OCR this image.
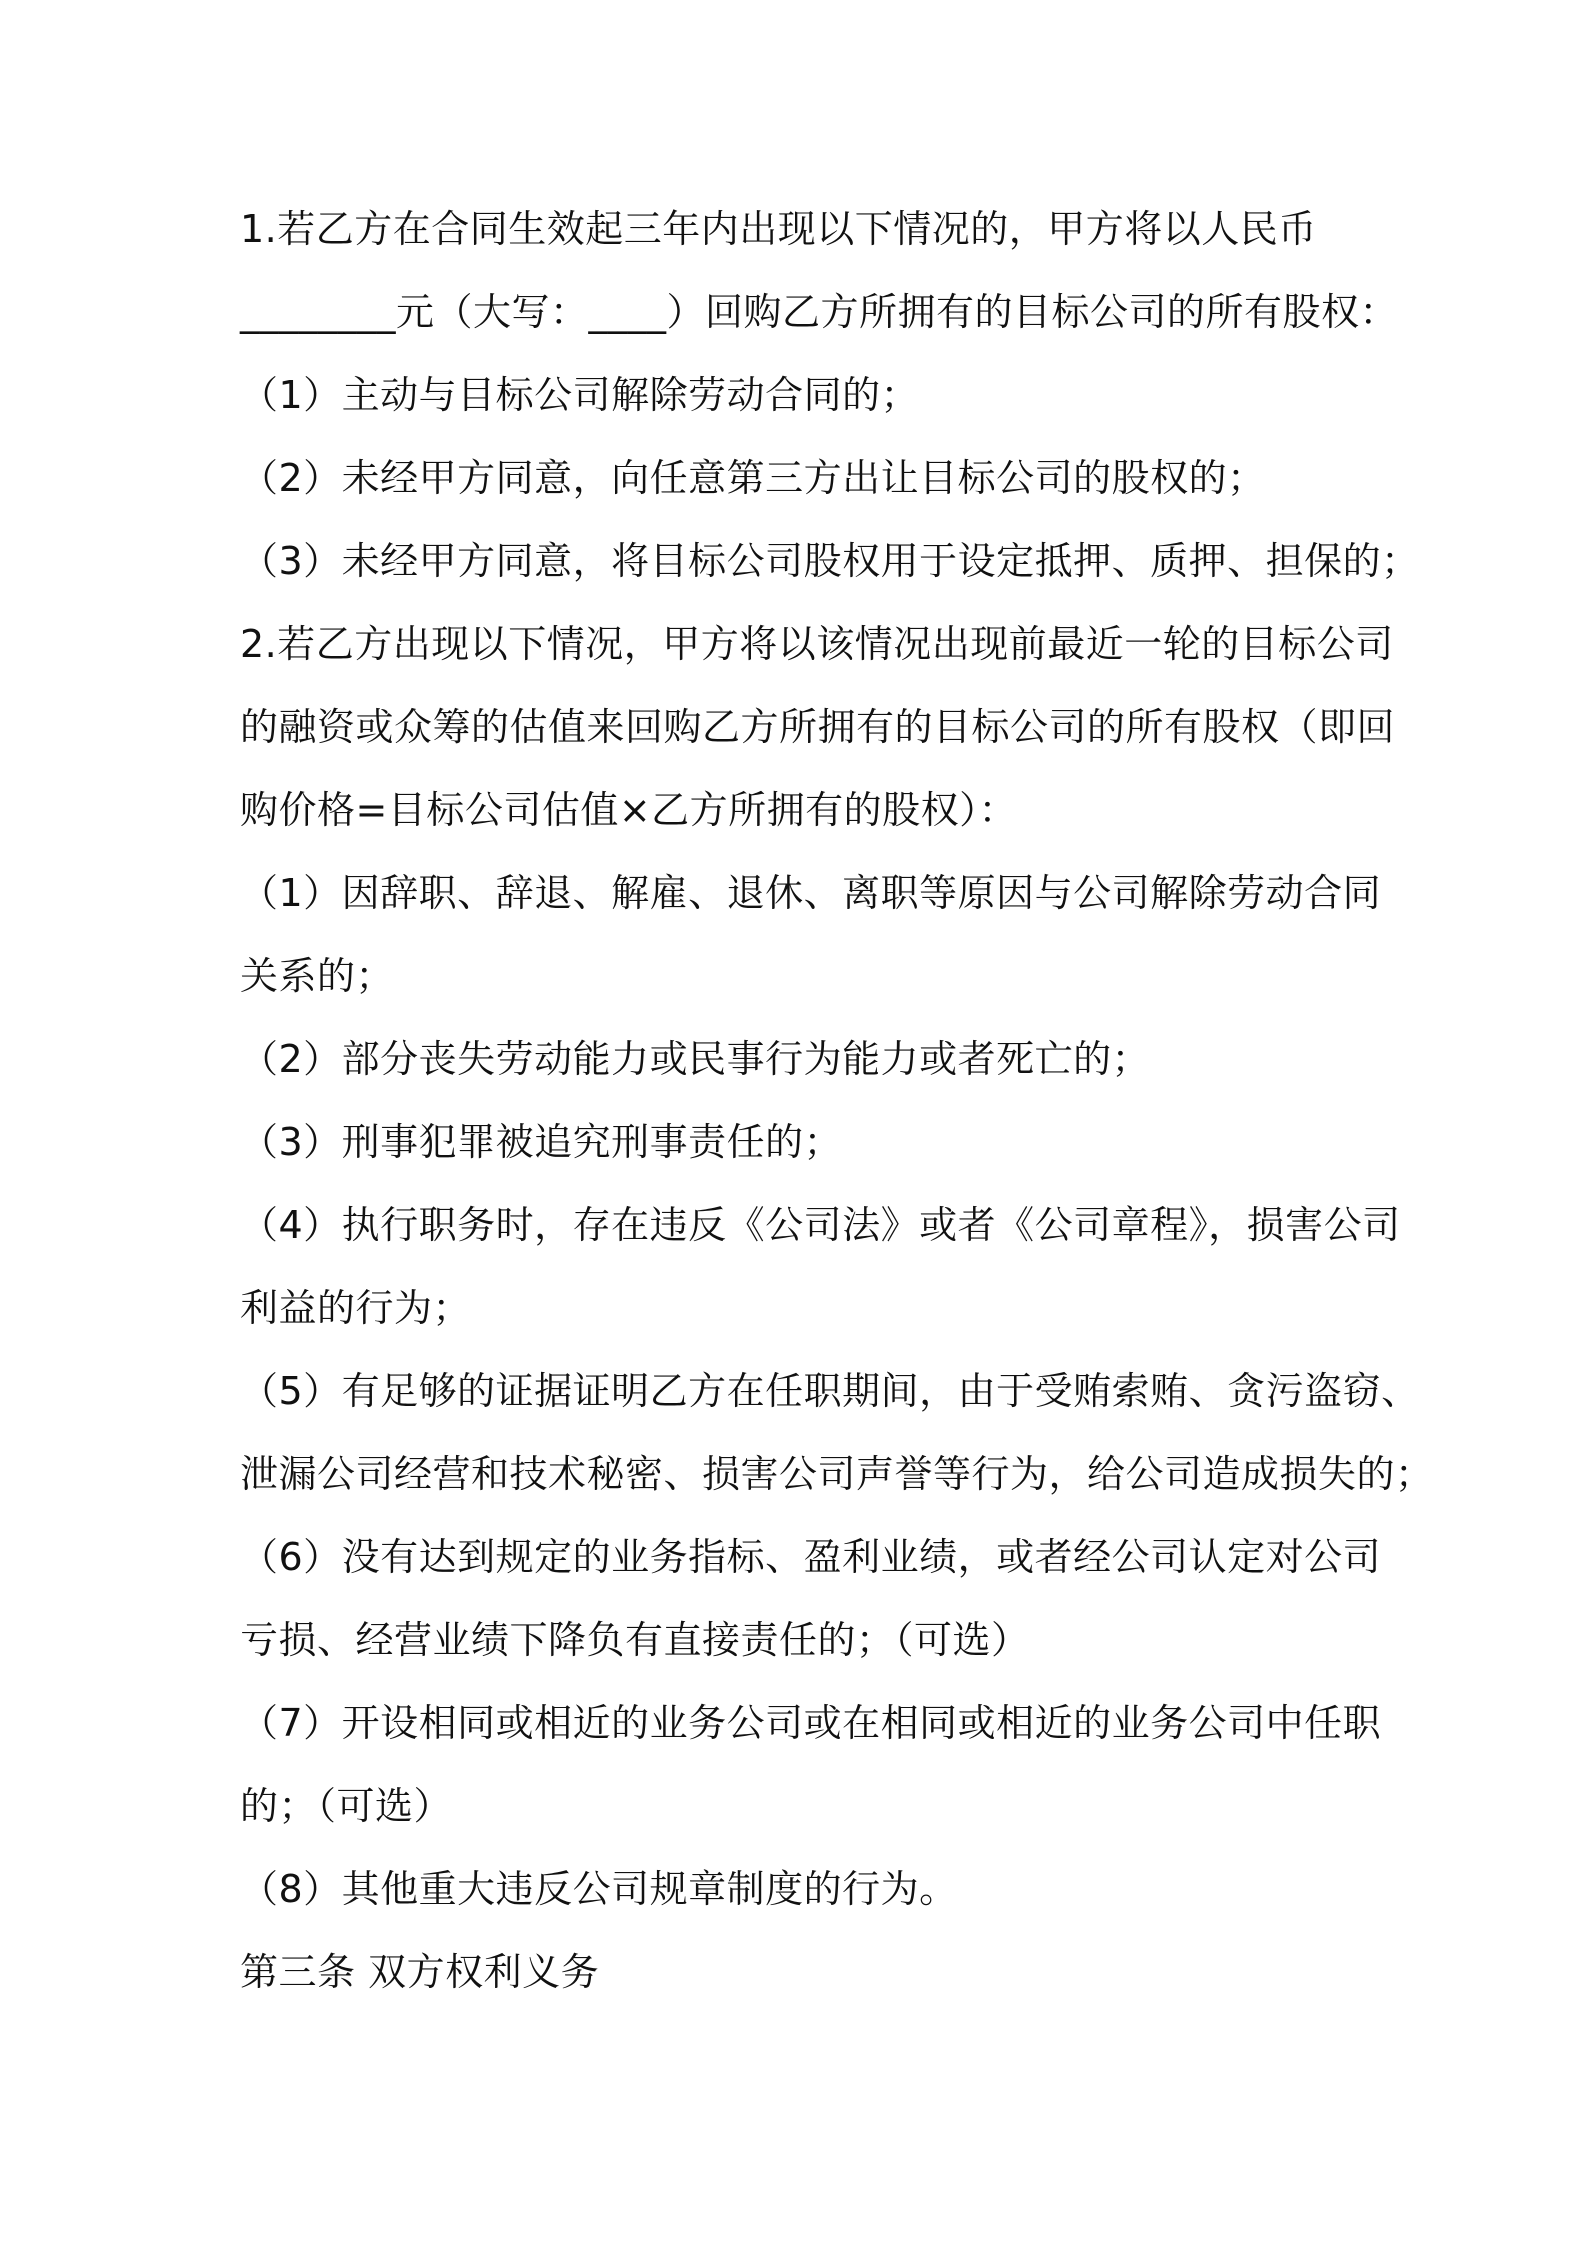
1.若乙方在合同生效起三年内出现以下情况的，甲方将以人民币
________元（大写：____）回购乙方所拥有的目标公司的所有股权：
（1）主动与目标公司解除劳动合同的；
（2）未经甲方同意，向任意第三方出让目标公司的股权的；
（3）未经甲方同意，将目标公司股权用于设定抵押、质押、担保的；
2.若乙方出现以下情况，甲方将以该情况出现前最近一轮的目标公司
的融资或众筹的估值来回购乙方所拥有的目标公司的所有股权（即回
购价格=目标公司估值×乙方所拥有的股权）：
（1）因辞职、辞退、解雇、退休、离职等原因与公司解除劳动合同
关系的；
（2）部分丧失劳动能力或民事行为能力或者死亡的；
（3）刑事犯罪被追究刑事责任的；
（4）执行职务时，存在违反《公司法》或者《公司章程》，损害公司
利益的行为；
（5）有足够的证据证明乙方在任职期间，由于受贿索贿、贪污盗窃、
泄漏公司经营和技术秘密、损害公司声誉等行为，给公司造成损失的；
（6）没有达到规定的业务指标、盈利业绩，或者经公司认定对公司
亏损、经营业绩下降负有直接责任的；（可选）
（7）开设相同或相近的业务公司或在相同或相近的业务公司中任职
的；（可选）
（8）其他重大违反公司规章制度的行为。
第三条 双方权利义务
